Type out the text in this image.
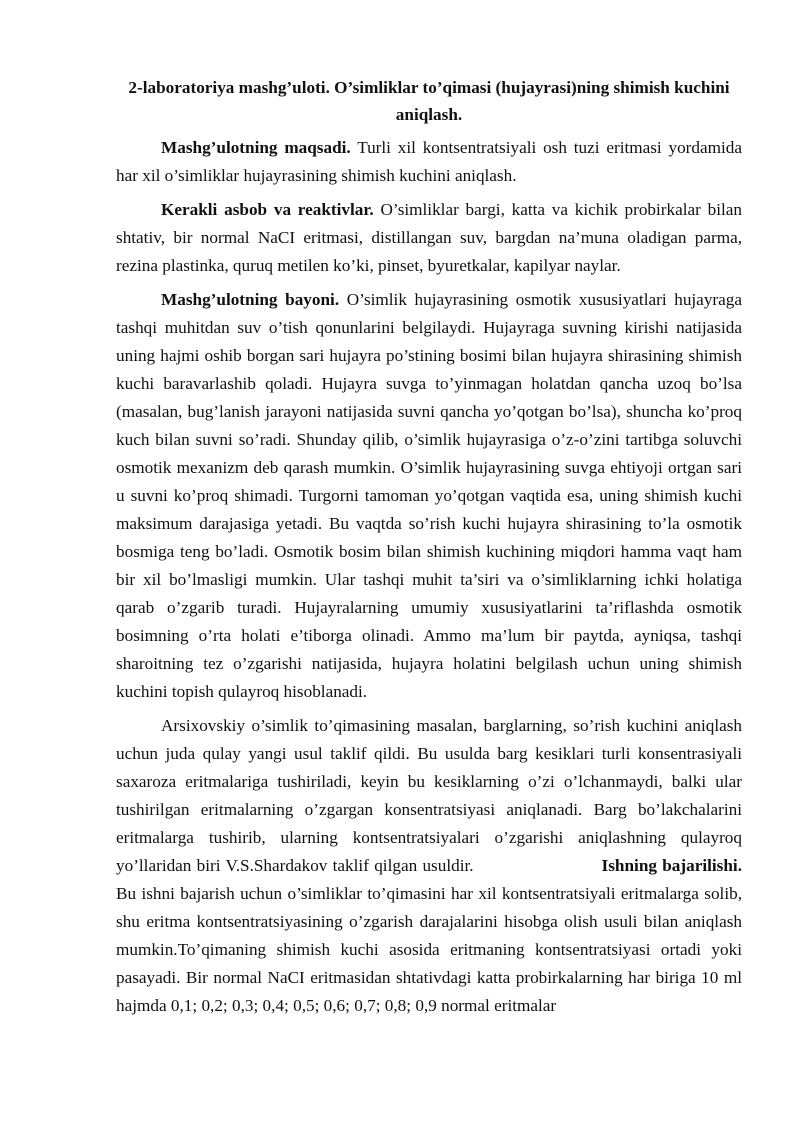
2-laboratoriya mashg’uloti. O’simliklar to’qimasi (hujayrasi)ning shimish kuchini aniqlash.

Mashg’ulotning maqsadi. Turli xil kontsentratsiyali osh tuzi eritmasi yordamida har xil o’simliklar hujayrasining shimish kuchini aniqlash.

Kerakli asbob va reaktivlar. O’simliklar bargi, katta va kichik probirkalar bilan shtativ, bir normal NaCI eritmasi, distillangan suv, bargdan na’muna oladigan parma, rezina plastinka, quruq metilen ko’ki, pinset, byuretkalar, kapilyar naylar.

Mashg’ulotning bayoni. O’simlik hujayrasining osmotik xususiyatlari hujayraga tashqi muhitdan suv o’tish qonunlarini belgilaydi. Hujayraga suvning kirishi natijasida uning hajmi oshib borgan sari hujayra po’stining bosimi bilan hujayra shirasining shimish kuchi baravarlashib qoladi. Hujayra suvga to’yinmagan holatdan qancha uzoq bo’lsa (masalan, bug’lanish jarayoni natijasida suvni qancha yo’qotgan bo’lsa), shuncha ko’proq kuch bilan suvni so’radi. Shunday qilib, o’simlik hujayrasiga o’z-o’zini tartibga soluvchi osmotik mexanizm deb qarash mumkin. O’simlik hujayrasining suvga ehtiyoji ortgan sari u suvni ko’proq shimadi. Turgorni tamoman yo’qotgan vaqtida esa, uning shimish kuchi maksimum darajasiga yetadi. Bu vaqtda so’rish kuchi hujayra shirasining to’la osmotik bosmiga teng bo’ladi. Osmotik bosim bilan shimish kuchining miqdori hamma vaqt ham bir xil bo’lmasligi mumkin. Ular tashqi muhit ta’siri va o’simliklarning ichki holatiga qarab o’zgarib turadi. Hujayralarning umumiy xususiyatlarini ta’riflashda osmotik bosimning o’rta holati e’tiborga olinadi. Ammo ma’lum bir paytda, ayniqsa, tashqi sharoitning tez o’zgarishi natijasida, hujayra holatini belgilash uchun uning shimish kuchini topish qulayroq hisoblanadi.

Arsixovskiy o’simlik to’qimasining masalan, barglarning, so’rish kuchini aniqlash uchun juda qulay yangi usul taklif qildi. Bu usulda barg kesiklari turli konsentrasiyali saxaroza eritmalariga tushiriladi, keyin bu kesiklarning o’zi o’lchanmaydi, balki ular tushirilgan eritmalarning o’zgargan konsentratsiyasi aniqlanadi. Barg bo’lakchalarini eritmalarga tushirib, ularning kontsentratsiyalari o’zgarishi aniqlashning qulayroq yo’llaridan biri V.S.Shardakov taklif qilgan usuldir.	Ishning bajarilishi. Bu ishni bajarish uchun o’simliklar to’qimasini har xil kontsentratsiyali eritmalarga solib, shu eritma kontsentratsiyasining o’zgarish darajalarini hisobga olish usuli bilan aniqlash mumkin.To’qimaning shimish kuchi asosida eritmaning kontsentratsiyasi ortadi yoki pasayadi. Bir normal NaCI eritmasidan shtativdagi katta probirkalarning har biriga 10 ml hajmda 0,1; 0,2; 0,3; 0,4; 0,5; 0,6; 0,7; 0,8; 0,9 normal eritmalar
